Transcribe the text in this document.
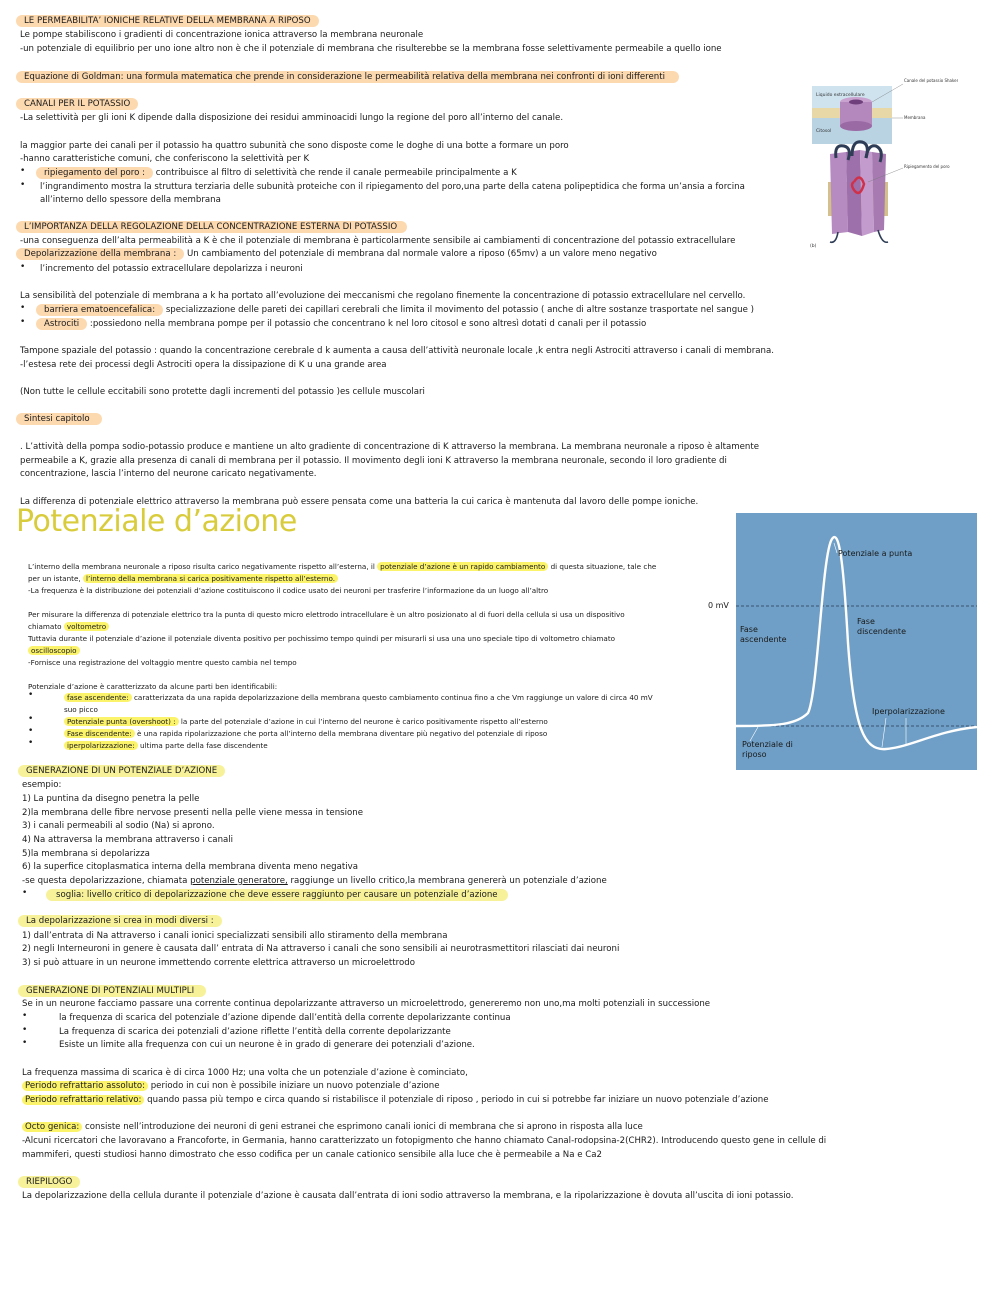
LE PERMEABILITA’ IONICHE RELATIVE DELLA MEMBRANA A RIPOSO
Le pompe stabiliscono i gradienti di concentrazione ionica attraverso la membrana neuronale
-un potenziale di equilibrio per uno ione altro non è che il potenziale di membrana che risulterebbe se la membrana fosse selettivamente permeabile a quello ione
Equazione di Goldman: una formula matematica che prende in considerazione le permeabilità relativa della membrana nei confronti di ioni differenti
CANALI PER IL POTASSIO
-La selettività per gli ioni K dipende dalla disposizione dei residui amminoacidi lungo la regione del poro all’interno del canale.
la maggior parte dei canali per il potassio ha quattro subunità che sono disposte come le doghe di una botte a formare un poro
-hanno caratteristiche comuni, che conferiscono la selettività per K
•	ripiegamento del poro : contribuisce al filtro di selettività che rende il canale permeabile principalmente a K
• l’ingrandimento mostra la struttura terziaria delle subunità proteiche con il ripiegamento del poro,una parte della catena polipeptidica che forma un’ansia a forcina
all’interno dello spessore della membrana
Liquido extracellulare
Citosol
Canale del potassio Shaker
Membrana
Ripiegamento del poro
(b)
L’IMPORTANZA DELLA REGOLAZIONE DELLA CONCENTRAZIONE ESTERNA DI POTASSIO
-una conseguenza dell’alta permeabilità a K è che il potenziale di membrana è particolarmente sensibile ai cambiamenti di concentrazione del potassio extracellulare
Depolarizzazione della membrana : Un cambiamento del potenziale di membrana dal normale valore a riposo (65mv) a un valore meno negativo
• l’incremento del potassio extracellulare depolarizza i neuroni
La sensibilità del potenziale di membrana a k ha portato all’evoluzione dei meccanismi che regolano finemente la concentrazione di potassio extracellulare nel cervello.
•	barriera ematoencefalica: specializzazione delle pareti dei capillari cerebrali che limita il movimento del potassio ( anche di altre sostanze trasportate nel sangue )
•	Astrociti :possiedono nella membrana pompe per il potassio che concentrano k nel loro citosol e sono altresì dotati d canali per il potassio
Tampone spaziale del potassio : quando la concentrazione cerebrale d k aumenta a causa dell’attività neuronale locale ,k entra negli Astrociti attraverso i canali di membrana.
-l’estesa rete dei processi degli Astrociti opera la dissipazione di K u una grande area
(Non tutte le cellule eccitabili sono protette dagli incrementi del potassio )es cellule muscolari
Sintesi capitolo
. L’attività della pompa sodio-potassio produce e mantiene un alto gradiente di concentrazione di K attraverso la membrana. La membrana neuronale a riposo è altamente
permeabile a K, grazie alla presenza di canali di membrana per il potassio. Il movimento degli ioni K attraverso la membrana neuronale, secondo il loro gradiente di
concentrazione, lascia l’interno del neurone caricato negativamente.
La differenza di potenziale elettrico attraverso la membrana può essere pensata come una batteria la cui carica è mantenuta dal lavoro delle pompe ioniche.
Potenziale d’azione
L’interno della membrana neuronale a riposo risulta carico negativamente rispetto all’esterna, il potenziale d’azione è un rapido cambiamento di questa situazione, tale che
per un istante, l’interno della membrana si carica positivamente rispetto all’esterno.
-La frequenza è la distribuzione dei potenziali d’azione costituiscono il codice usato dei neuroni per trasferire l’informazione da un luogo all’altro
Per misurare la differenza di potenziale elettrico tra la punta di questo micro elettrodo intracellulare è un altro posizionato al di fuori della cellula si usa un dispositivo
chiamato voltometro
Tuttavia durante il potenziale d’azione il potenziale diventa positivo per pochissimo tempo quindi per misurarli si usa una uno speciale tipo di voltometro chiamato
oscilloscopio
-Fornisce una registrazione del voltaggio mentre questo cambia nel tempo
Potenziale d’azione è caratterizzato da alcune parti ben identificabili:
•	fase ascendente: caratterizzata da una rapida depolarizzazione della membrana questo cambiamento continua fino a che Vm raggiunge un valore di circa 40 mV
suo picco
•	Potenziale punta (overshoot) : la parte del potenziale d’azione in cui l’interno del neurone è carico positivamente rispetto all’esterno
•	Fase discendente: è una rapida ripolarizzazione che porta all’interno della membrana diventare più negativo del potenziale di riposo
•	iperpolarizzazione: ultima parte della fase discendente
Potenziale a punta
Iperpolarizzazione
0 mV
Fase ascendente
Fase discendente
Potenziale di riposo
GENERAZIONE DI UN POTENZIALE D’AZIONE
esempio:
1) La puntina da disegno penetra la pelle
2)la membrana delle fibre nervose presenti nella pelle viene messa in tensione
3) i canali permeabili al sodio (Na) si aprono.
4) Na attraversa la membrana attraverso i canali
5)la membrana si depolarizza
6) la superfice citoplasmatica interna della membrana diventa meno negativa
-se questa depolarizzazione, chiamata potenziale generatore, raggiunge un livello critico,la membrana genererà un potenziale d’azione
•	soglia: livello critico di depolarizzazione che deve essere raggiunto per causare un potenziale d’azione
La depolarizzazione si crea in modi diversi :
1) dall’entrata di Na attraverso i canali ionici specializzati sensibili allo stiramento della membrana
2) negli Interneuroni in genere è causata dall’ entrata di Na attraverso i canali che sono sensibili ai neurotrasmettitori rilasciati dai neuroni
3) si può attuare in un neurone immettendo corrente elettrica attraverso un microelettrodo
GENERAZIONE DI POTENZIALI MULTIPLI
Se in un neurone facciamo passare una corrente continua depolarizzante attraverso un microelettrodo, genereremo non uno,ma molti potenziali in successione
•	la frequenza di scarica del potenziale d’azione dipende dall’entità della corrente depolarizzante continua
•	La frequenza di scarica dei potenziali d’azione riflette l’entità della corrente depolarizzante
•	Esiste un limite alla frequenza con cui un neurone è in grado di generare dei potenziali d’azione.
La frequenza massima di scarica è di circa 1000 Hz; una volta che un potenziale d’azione è cominciato,
Periodo refrattario assoluto: periodo in cui non è possibile iniziare un nuovo potenziale d’azione
Periodo refrattario relativo: quando passa più tempo e circa quando si ristabilisce il potenziale di riposo , periodo in cui si potrebbe far iniziare un nuovo potenziale d’azione
Octo genica: consiste nell’introduzione dei neuroni di geni estranei che esprimono canali ionici di membrana che si aprono in risposta alla luce
-Alcuni ricercatori che lavoravano a Francoforte, in Germania, hanno caratterizzato un fotopigmento che hanno chiamato Canal-rodopsina-2(CHR2). Introducendo questo gene in cellule di
mammiferi, questi studiosi hanno dimostrato che esso codifica per un canale cationico sensibile alla luce che è permeabile a Na e Ca2
RIEPILOGO
La depolarizzazione della cellula durante il potenziale d’azione è causata dall’entrata di ioni sodio attraverso la membrana, e la ripolarizzazione è dovuta all’uscita di ioni potassio.
